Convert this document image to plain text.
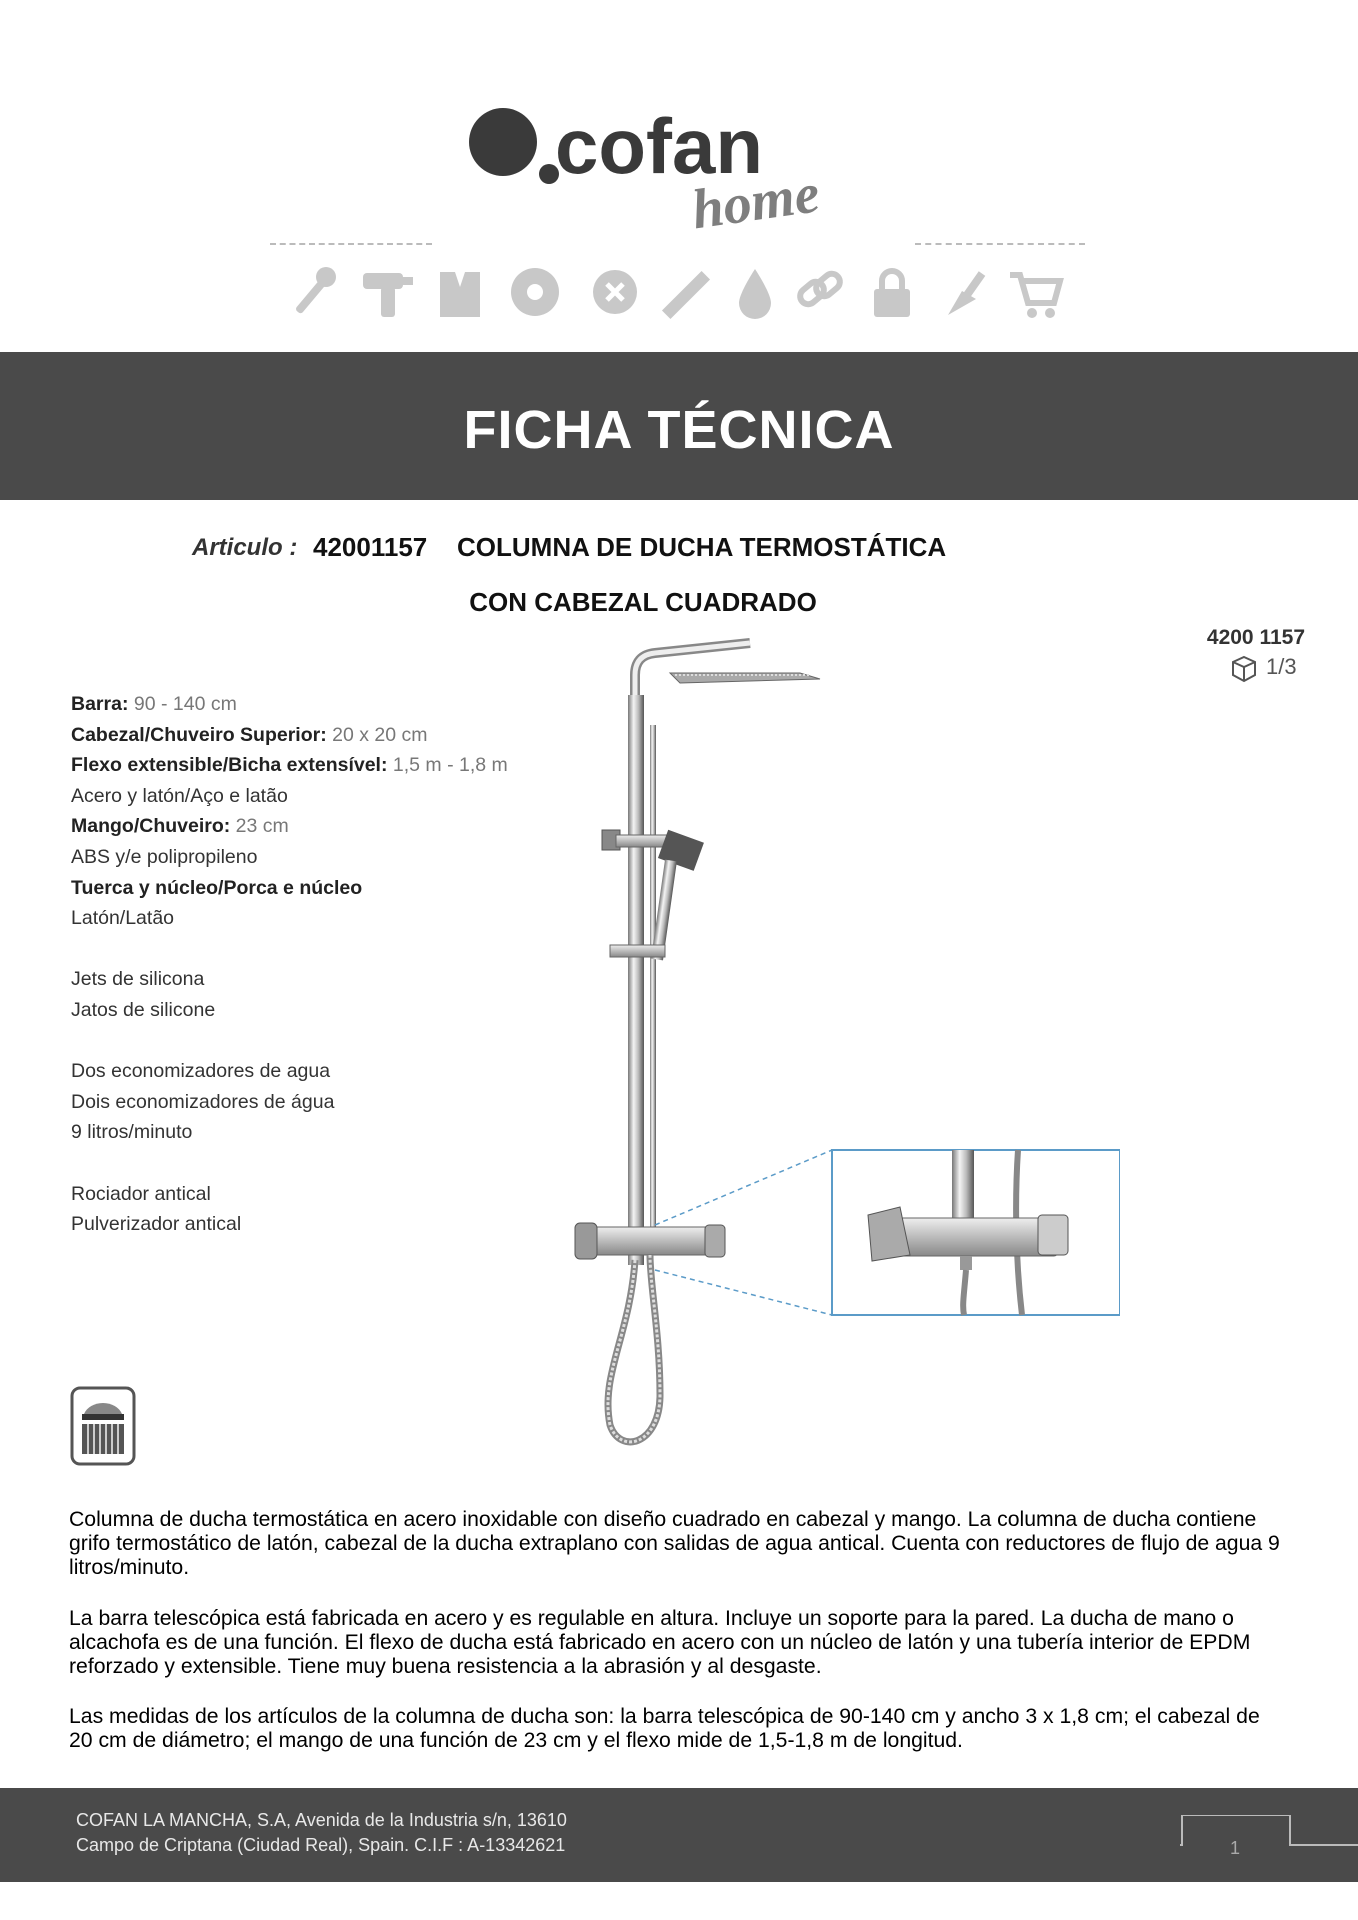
cofan
home
FICHA TÉCNICA
Articulo : 42001157 COLUMNA DE DUCHA TERMOSTÁTICA
CON CABEZAL CUADRADO
4200 1157
1/3
Barra: 90 - 140 cm
Cabezal/Chuveiro Superior: 20 x 20 cm
Flexo extensible/Bicha extensível: 1,5 m - 1,8 m
Acero y latón/Aço e latão
Mango/Chuveiro: 23 cm
ABS y/e polipropileno
Tuerca y núcleo/Porca e núcleo
Latón/Latão
Jets de silicona
Jatos de silicone
Dos economizadores de agua
Dois economizadores de água
9 litros/minuto
Rociador antical
Pulverizador antical
Columna de ducha termostática en acero inoxidable con diseño cuadrado en cabezal y mango. La columna de ducha contiene grifo termostático de latón, cabezal de la ducha extraplano con salidas de agua antical. Cuenta con reductores de flujo de agua 9 litros/minuto.
La barra telescópica está fabricada en acero y es regulable en altura. Incluye un soporte para la pared. La ducha de mano o alcachofa es de una función. El flexo de ducha está fabricado en acero con un núcleo de latón y una tubería interior de EPDM reforzado y extensible. Tiene muy buena resistencia a la abrasión y al desgaste.
Las medidas de los artículos de la columna de ducha son: la barra telescópica de 90-140 cm y ancho 3 x 1,8 cm; el cabezal de 20 cm de diámetro; el mango de una función de 23 cm y el flexo mide de 1,5-1,8 m de longitud.
COFAN LA MANCHA, S.A, Avenida de la Industria s/n, 13610
Campo de Criptana (Ciudad Real), Spain. C.I.F : A-13342621	1
